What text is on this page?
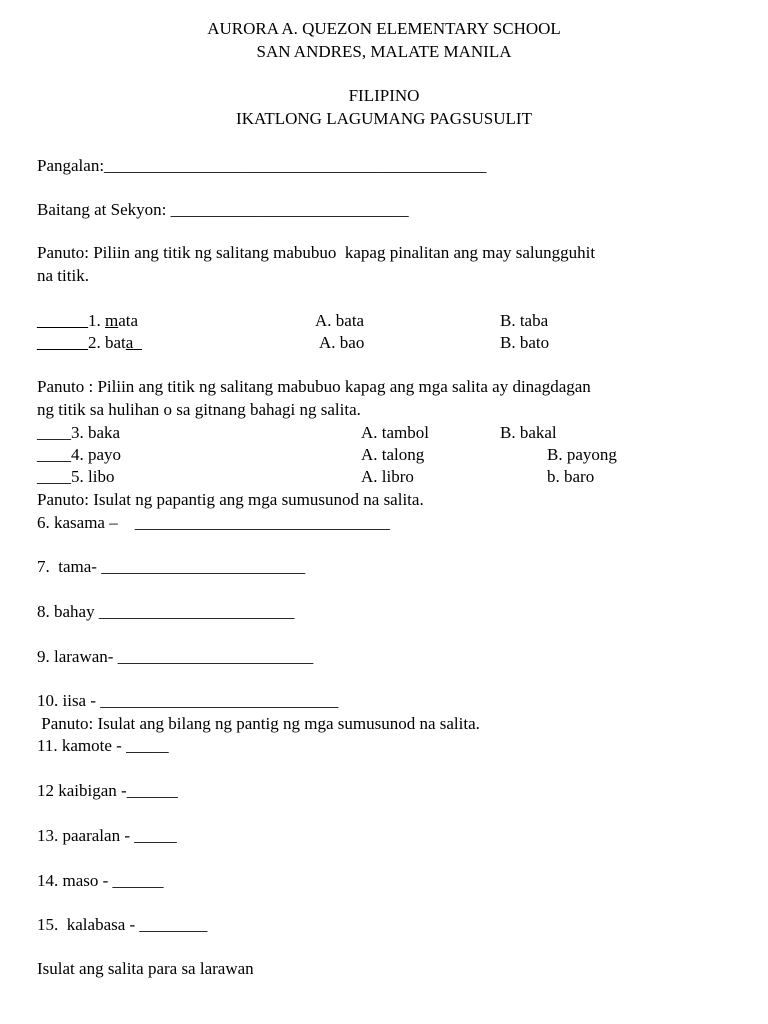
AURORA A. QUEZON ELEMENTARY SCHOOL
SAN ANDRES, MALATE MANILA
FILIPINO
IKATLONG LAGUMANG PAGSUSULIT
Pangalan:_____________________________________________
Baitang at Sekyon: ____________________________
Panuto: Piliin ang titik ng salitang mabubuo  kapag pinalitan ang may salungguhit
na titik.
______1. mata	A. bata	B. taba
______2. bata_	A. bao	B. bato
Panuto : Piliin ang titik ng salitang mabubuo kapag ang mga salita ay dinagdagan
ng titik sa hulihan o sa gitnang bahagi ng salita.
____3. baka	A. tambol	B. bakal
____4. payo	A. talong	B. payong
____5. libo	A. libro	b. baro
Panuto: Isulat ng papantig ang mga sumusunod na salita.
6. kasama –    ______________________________
7.  tama- ________________________
8. bahay _______________________
9. larawan- _______________________
10. iisa - ____________________________
Panuto: Isulat ang bilang ng pantig ng mga sumusunod na salita.
11. kamote - _____
12 kaibigan -______
13. paaralan - _____
14. maso - ______
15.  kalabasa - ________
Isulat ang salita para sa larawan
